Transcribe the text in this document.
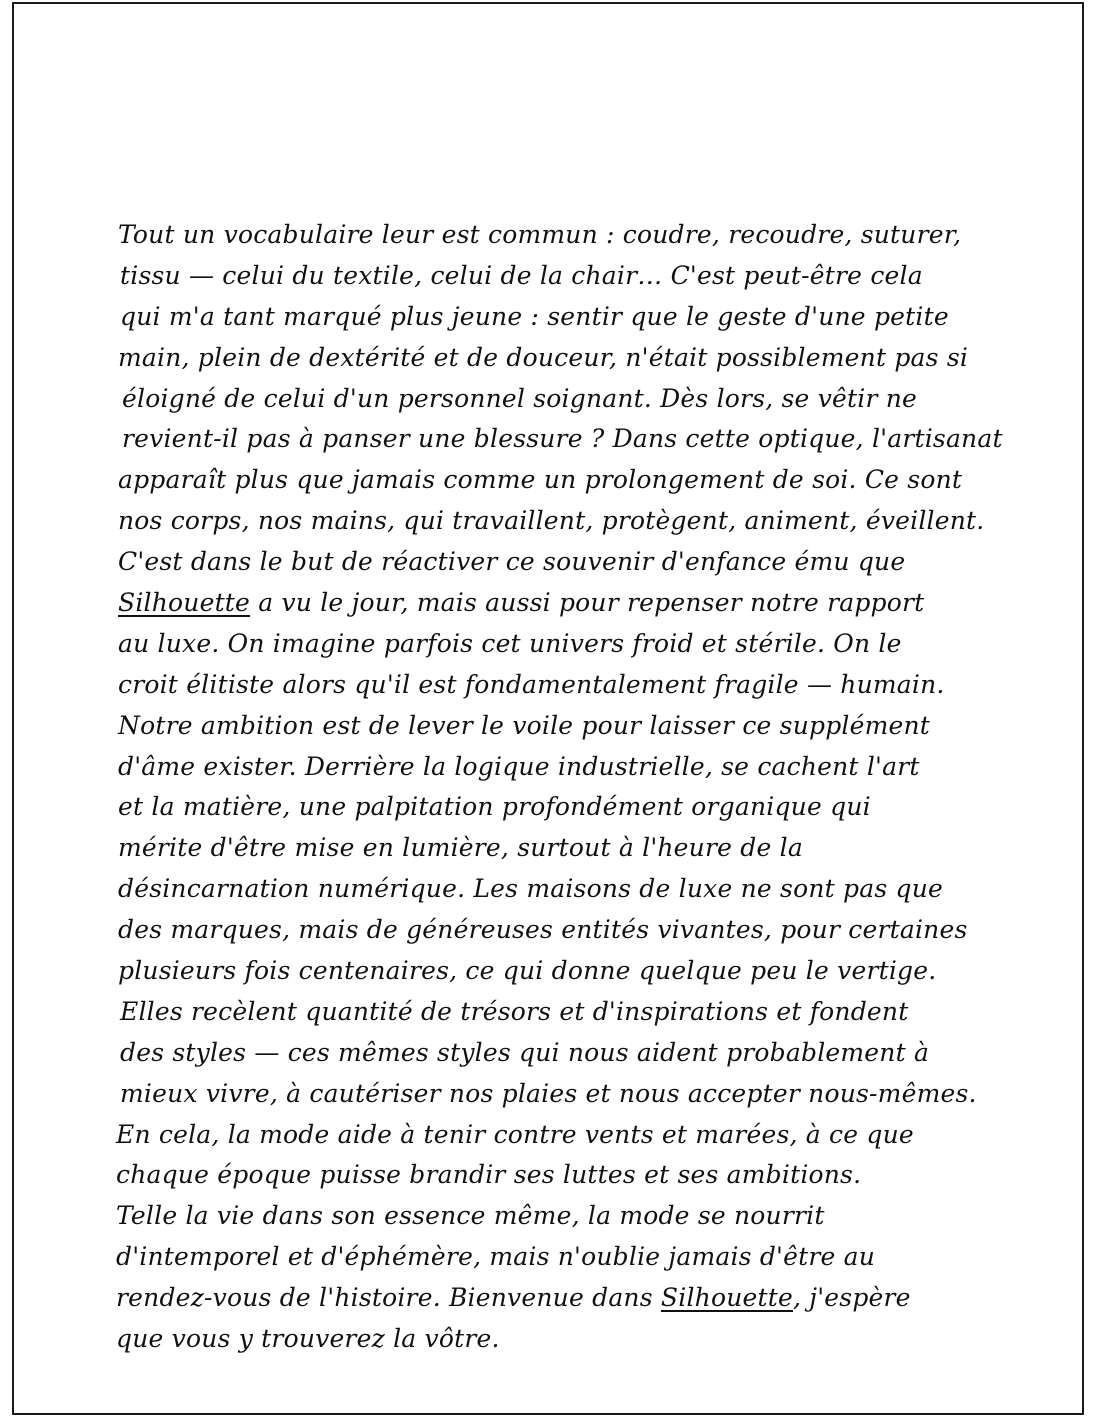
Tout un vocabulaire leur est commun : coudre, recoudre, suturer,
tissu — celui du textile, celui de la chair… C'est peut-être cela
qui m'a tant marqué plus jeune : sentir que le geste d'une petite
main, plein de dextérité et de douceur, n'était possiblement pas si
éloigné de celui d'un personnel soignant. Dès lors, se vêtir ne
revient-il pas à panser une blessure ? Dans cette optique, l'artisanat
apparaît plus que jamais comme un prolongement de soi. Ce sont
nos corps, nos mains, qui travaillent, protègent, animent, éveillent.
C'est dans le but de réactiver ce souvenir d'enfance ému que
Silhouette a vu le jour, mais aussi pour repenser notre rapport
au luxe. On imagine parfois cet univers froid et stérile. On le
croit élitiste alors qu'il est fondamentalement fragile — humain.
Notre ambition est de lever le voile pour laisser ce supplément
d'âme exister. Derrière la logique industrielle, se cachent l'art
et la matière, une palpitation profondément organique qui
mérite d'être mise en lumière, surtout à l'heure de la
désincarnation numérique. Les maisons de luxe ne sont pas que
des marques, mais de généreuses entités vivantes, pour certaines
plusieurs fois centenaires, ce qui donne quelque peu le vertige.
Elles recèlent quantité de trésors et d'inspirations et fondent
des styles — ces mêmes styles qui nous aident probablement à
mieux vivre, à cautériser nos plaies et nous accepter nous-mêmes.
En cela, la mode aide à tenir contre vents et marées, à ce que
chaque époque puisse brandir ses luttes et ses ambitions.
Telle la vie dans son essence même, la mode se nourrit
d'intemporel et d'éphémère, mais n'oublie jamais d'être au
rendez-vous de l'histoire. Bienvenue dans Silhouette, j'espère
que vous y trouverez la vôtre.
